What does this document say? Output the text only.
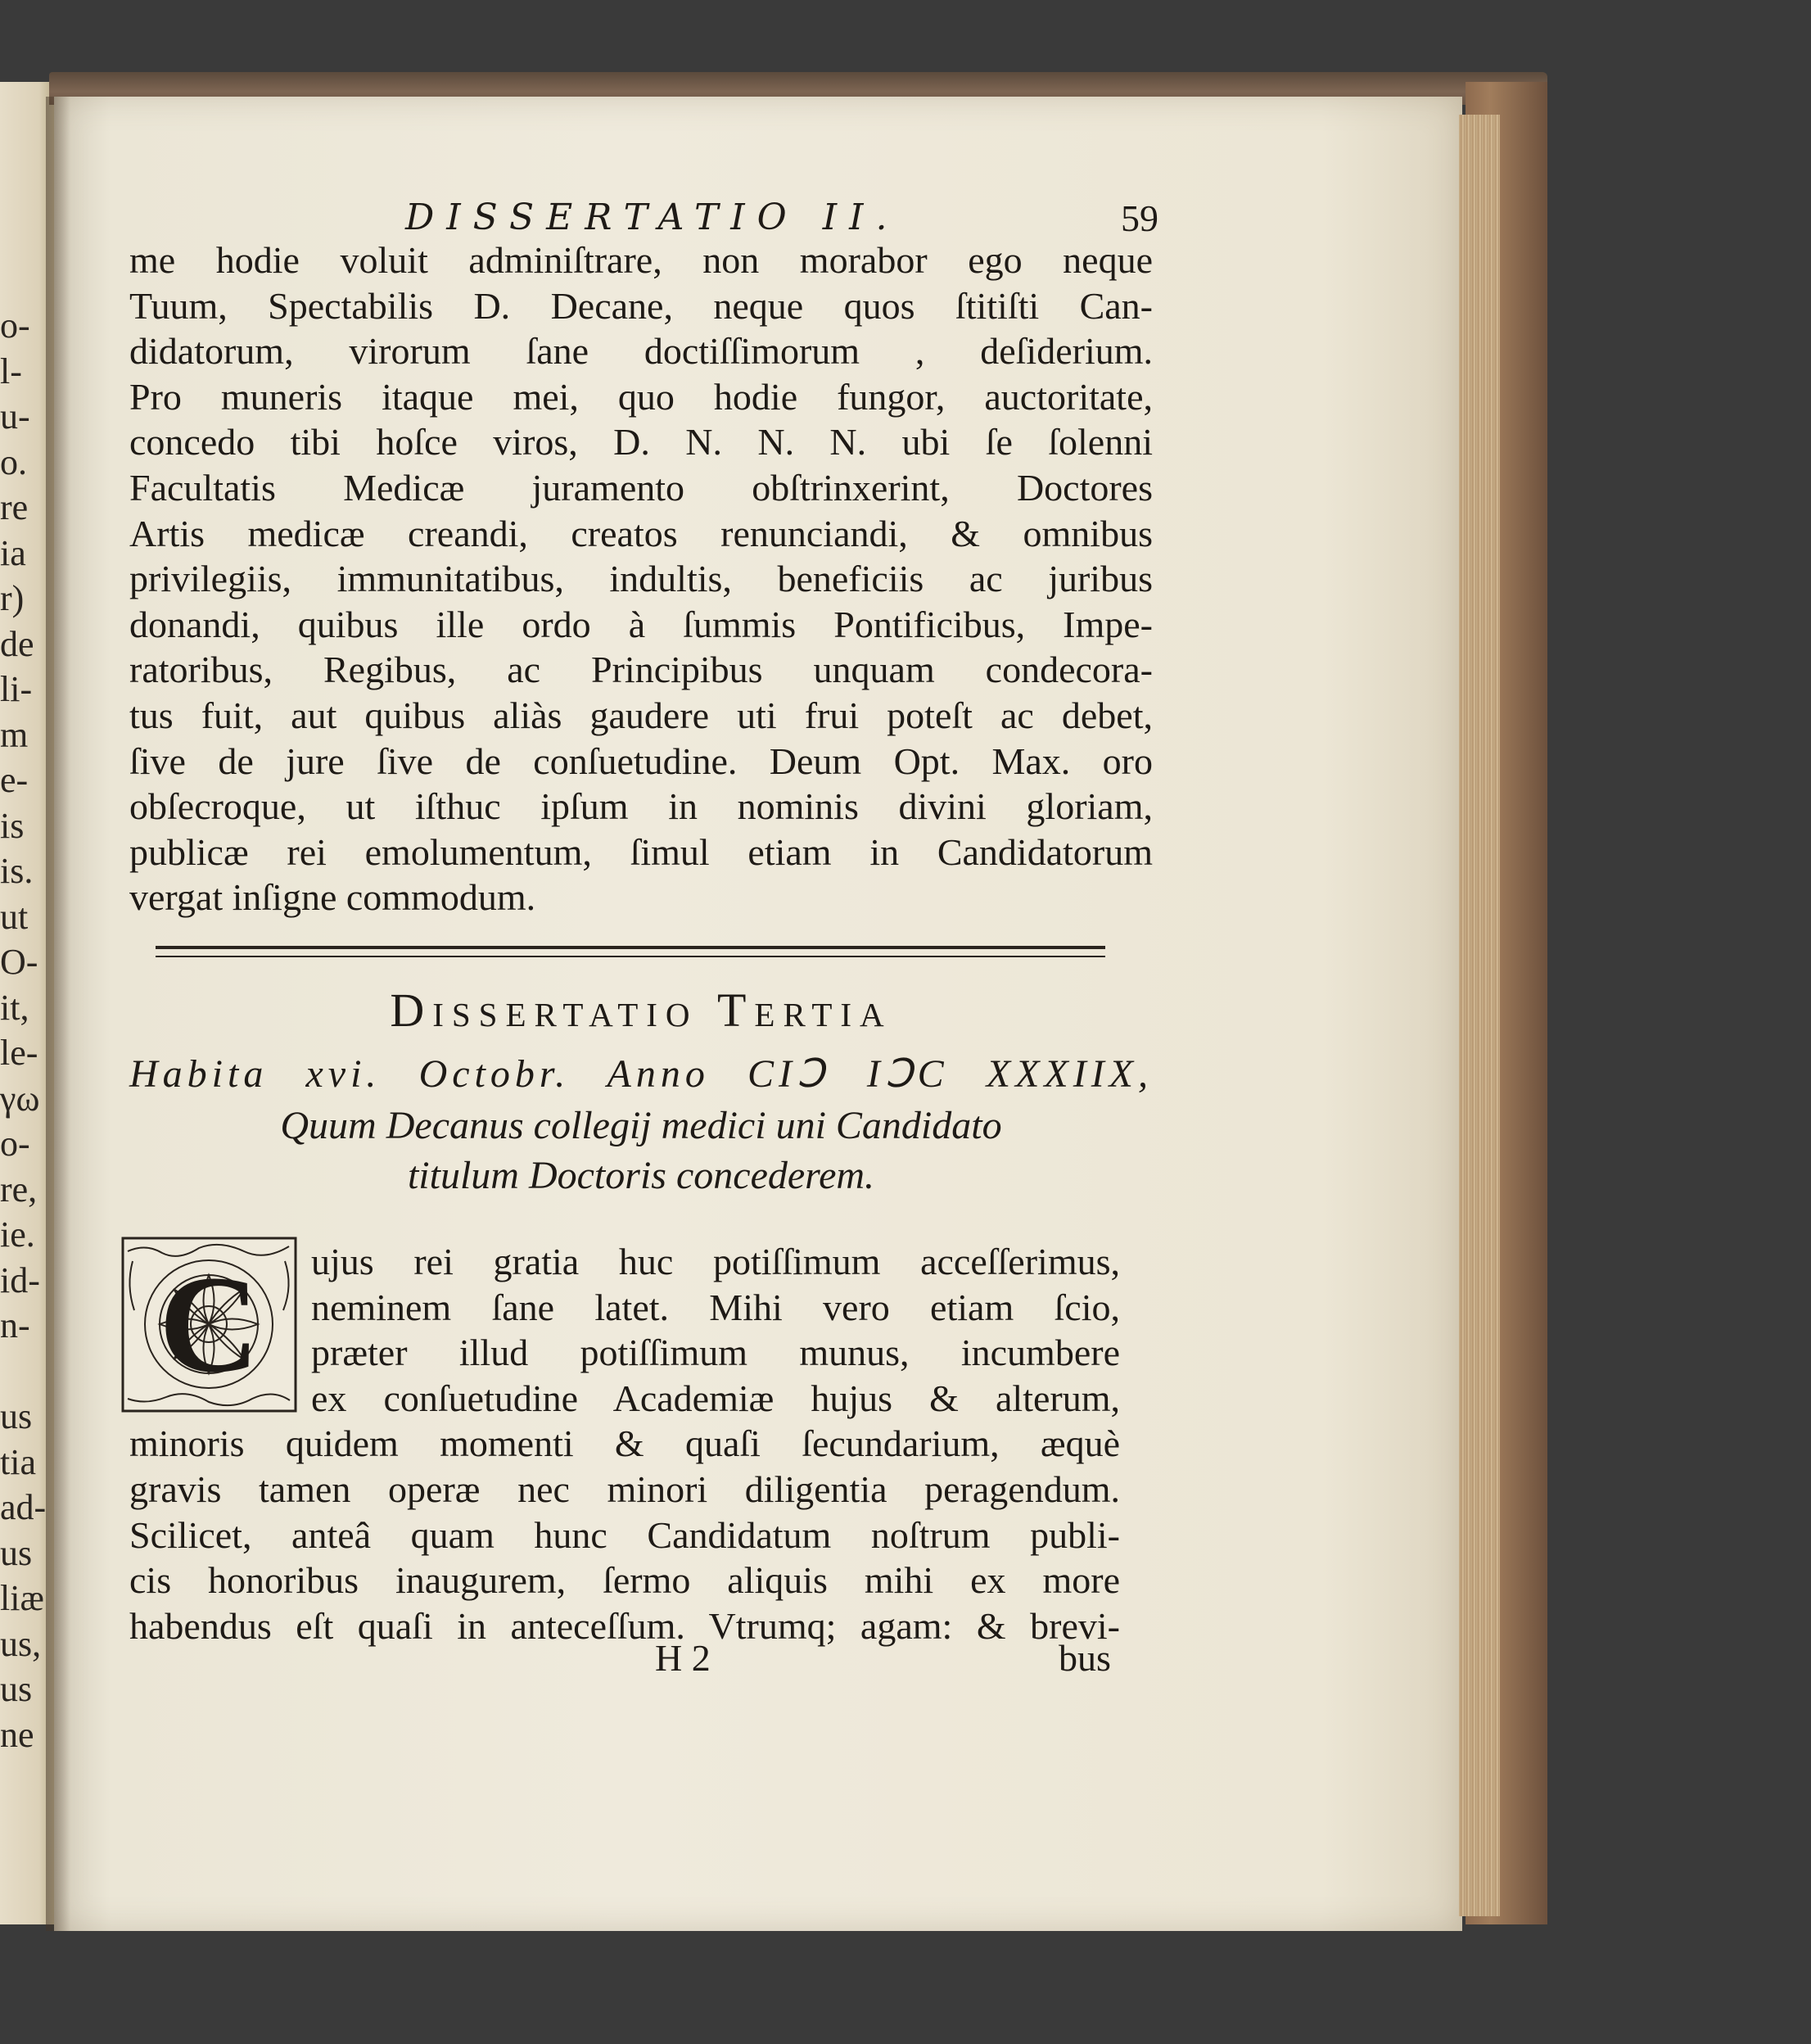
o-
l-
u-
o.
re
ia
r)
de
li-
m
e-
is
is.
ut
O-
it,
le-
γω
o-
re,
ie.
id-
n-
us
tia
ad-
us
liæ
us,
us
ne
DISSERTATIO II.	59
me hodie voluit adminiſtrare, non morabor ego neque
Tuum, Spectabilis D. Decane, neque quos ſtitiſti Can-
didatorum, virorum ſane doctiſſimorum , deſiderium.
Pro muneris itaque mei, quo hodie fungor, auctoritate,
concedo tibi hoſce viros, D. N. N. N. ubi ſe ſolenni
Facultatis Medicæ juramento obſtrinxerint, Doctores
Artis medicæ creandi, creatos renunciandi, & omnibus
privilegiis, immunitatibus, indultis, beneficiis ac juribus
donandi, quibus ille ordo à ſummis Pontificibus, Impe-
ratoribus, Regibus, ac Principibus unquam condecora-
tus fuit, aut quibus aliàs gaudere uti frui poteſt ac debet,
ſive de jure ſive de conſuetudine. Deum Opt. Max. oro
obſecroque, ut iſthuc ipſum in nominis divini gloriam,
publicæ rei emolumentum, ſimul etiam in Candidatorum
vergat inſigne commodum.
Dissertatio Tertia
Habita xvi. Octobr. Anno CIↃ IↃC XXXIIX,
Quum Decanus collegij medici uni Candidato
titulum Doctoris concederem.
C	ujus rei gratia huc potiſſimum acceſſerimus,
neminem ſane latet. Mihi vero etiam ſcio,
præter illud potiſſimum munus, incumbere
ex conſuetudine Academiæ hujus & alterum,
minoris quidem momenti & quaſi ſecundarium, æquè
gravis tamen operæ nec minori diligentia peragendum.
Scilicet, anteâ quam hunc Candidatum noſtrum publi-
cis honoribus inaugurem, ſermo aliquis mihi ex more
habendus eſt quaſi in anteceſſum. Vtrumq; agam: & brevi-
H 2	bus
